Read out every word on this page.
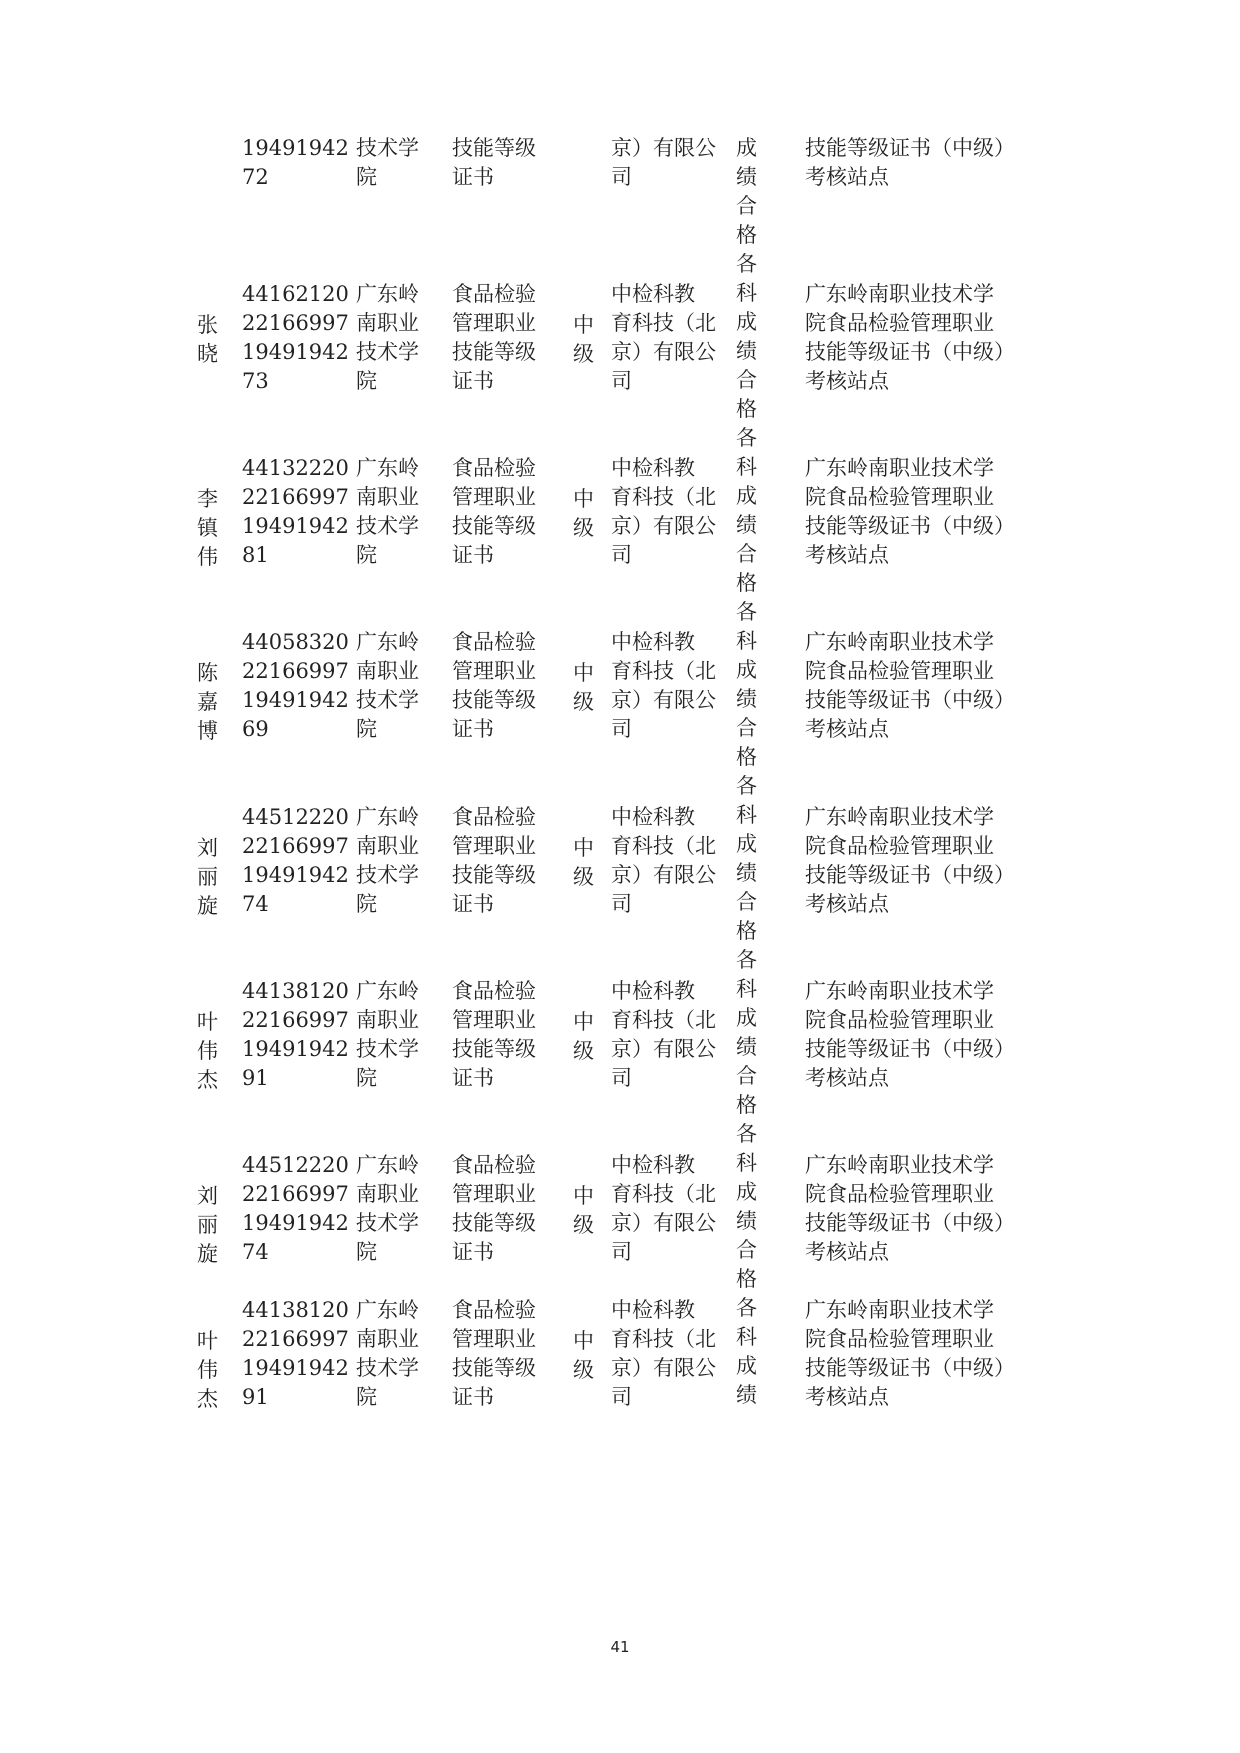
19491942

72

技术学

院

技能等级

证书

京）有限公

司

技能等级证书（中级）

考核站点

张

晓

44162120

22166997

19491942

73

广东岭

南职业

技术学

院

食品检验

管理职业

技能等级

证书

中

级

中检科教

育科技（北

京）有限公

司

广东岭南职业技术学

院食品检验管理职业

技能等级证书（中级）

考核站点

李

镇

伟

44132220

22166997

19491942

81

广东岭

南职业

技术学

院

食品检验

管理职业

技能等级

证书

中

级

中检科教

育科技（北

京）有限公

司

广东岭南职业技术学

院食品检验管理职业

技能等级证书（中级）

考核站点

陈

嘉

博

44058320

22166997

19491942

69

广东岭

南职业

技术学

院

食品检验

管理职业

技能等级

证书

中

级

中检科教

育科技（北

京）有限公

司

广东岭南职业技术学

院食品检验管理职业

技能等级证书（中级）

考核站点

刘

丽

旋

44512220

22166997

19491942

74

广东岭

南职业

技术学

院

食品检验

管理职业

技能等级

证书

中

级

中检科教

育科技（北

京）有限公

司

广东岭南职业技术学

院食品检验管理职业

技能等级证书（中级）

考核站点

叶

伟

杰

44138120

22166997

19491942

91

广东岭

南职业

技术学

院

食品检验

管理职业

技能等级

证书

中

级

中检科教

育科技（北

京）有限公

司

广东岭南职业技术学

院食品检验管理职业

技能等级证书（中级）

考核站点

刘

丽

旋

44512220

22166997

19491942

74

广东岭

南职业

技术学

院

食品检验

管理职业

技能等级

证书

中

级

中检科教

育科技（北

京）有限公

司

广东岭南职业技术学

院食品检验管理职业

技能等级证书（中级）

考核站点

叶

伟

杰

44138120

22166997

19491942

91

广东岭

南职业

技术学

院

食品检验

管理职业

技能等级

证书

中

级

中检科教

育科技（北

京）有限公

司

广东岭南职业技术学

院食品检验管理职业

技能等级证书（中级）

考核站点

成

绩

合

格

各

科

成

绩

合

格

各

科

成

绩

合

格

各

科

成

绩

合

格

各

科

成

绩

合

格

各

科

成

绩

合

格

各

科

成

绩

合

格

各

科

成

绩

41
